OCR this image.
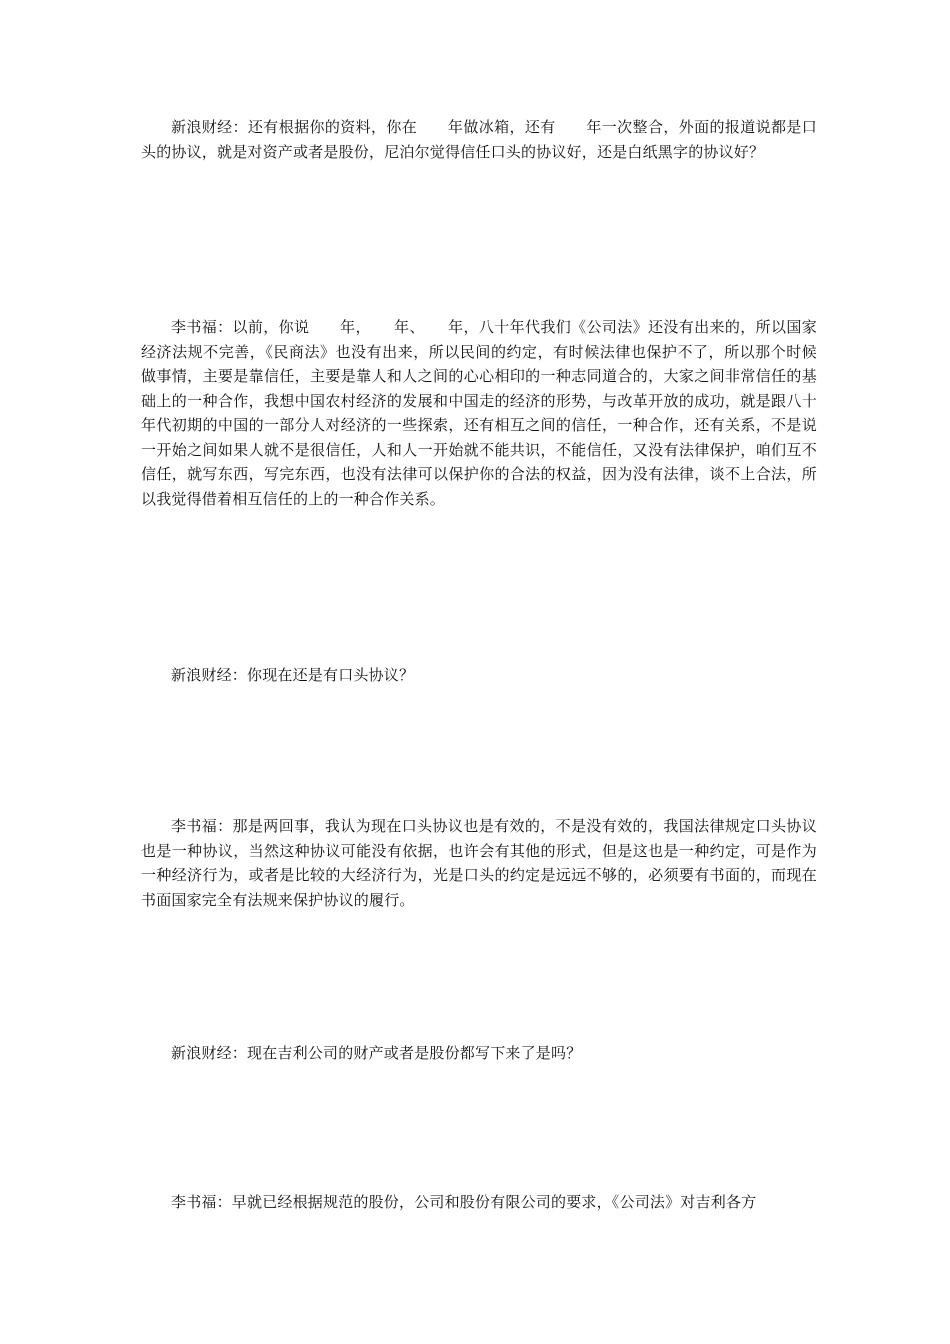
新浪财经：还有根据你的资料，你在　　年做冰箱，还有　　年一次整合，外面的报道说都是口头的协议，就是对资产或者是股份，尼泊尔觉得信任口头的协议好，还是白纸黑字的协议好？

李书福：以前，你说　　年，　　年、　　年，八十年代我们《公司法》还没有出来的，所以国家经济法规不完善，《民商法》也没有出来，所以民间的约定，有时候法律也保护不了，所以那个时候做事情，主要是靠信任，主要是靠人和人之间的心心相印的一种志同道合的，大家之间非常信任的基础上的一种合作，我想中国农村经济的发展和中国走的经济的形势，与改革开放的成功，就是跟八十年代初期的中国的一部分人对经济的一些探索，还有相互之间的信任，一种合作，还有关系，不是说一开始之间如果人就不是很信任，人和人一开始就不能共识，不能信任，又没有法律保护，咱们互不信任，就写东西，写完东西，也没有法律可以保护你的合法的权益，因为没有法律，谈不上合法，所以我觉得借着相互信任的上的一种合作关系。

新浪财经：你现在还是有口头协议？

李书福：那是两回事，我认为现在口头协议也是有效的，不是没有效的，我国法律规定口头协议也是一种协议，当然这种协议可能没有依据，也许会有其他的形式，但是这也是一种约定，可是作为一种经济行为，或者是比较的大经济行为，光是口头的约定是远远不够的，必须要有书面的，而现在书面国家完全有法规来保护协议的履行。

新浪财经：现在吉利公司的财产或者是股份都写下来了是吗？

李书福：早就已经根据规范的股份，公司和股份有限公司的要求，《公司法》对吉利各方
